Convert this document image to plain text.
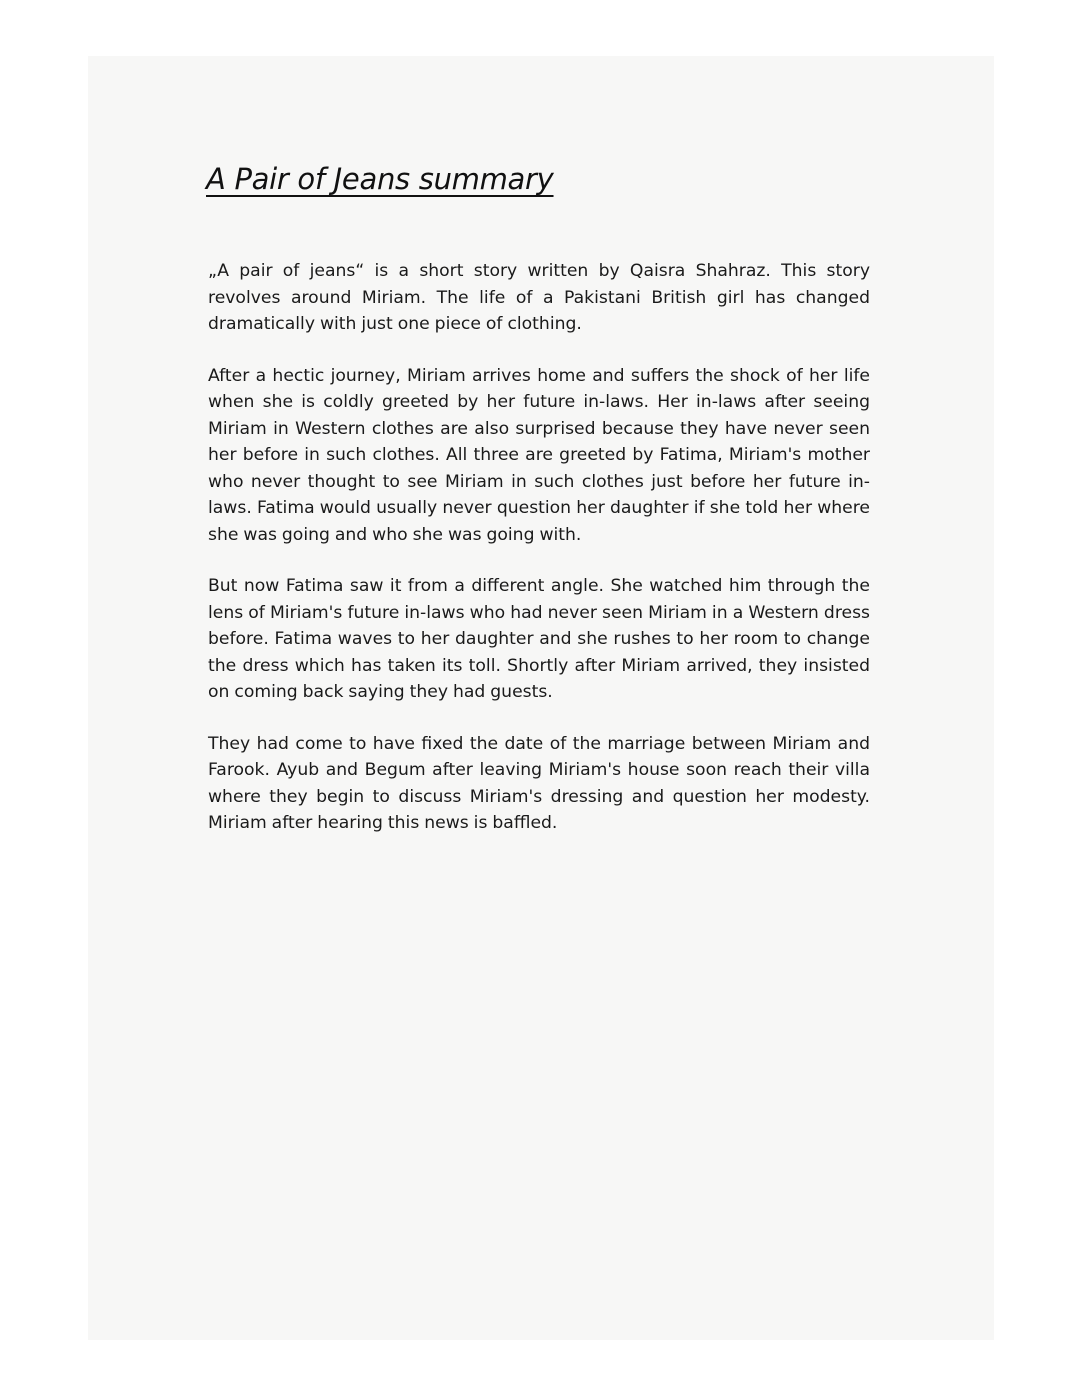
A Pair of Jeans summary

„A pair of jeans“ is a short story written by Qaisra Shahraz. This story revolves around Miriam. The life of a Pakistani British girl has changed dramatically with just one piece of clothing.

After a hectic journey, Miriam arrives home and suffers the shock of her life when she is coldly greeted by her future in-laws. Her in-laws after seeing Miriam in Western clothes are also surprised because they have never seen her before in such clothes. All three are greeted by Fatima, Miriam's mother who never thought to see Miriam in such clothes just before her future in-laws. Fatima would usually never question her daughter if she told her where she was going and who she was going with.

But now Fatima saw it from a different angle. She watched him through the lens of Miriam's future in-laws who had never seen Miriam in a Western dress before. Fatima waves to her daughter and she rushes to her room to change the dress which has taken its toll. Shortly after Miriam arrived, they insisted on coming back saying they had guests.

They had come to have fixed the date of the marriage between Miriam and Farook. Ayub and Begum after leaving Miriam's house soon reach their villa where they begin to discuss Miriam's dressing and question her modesty. Miriam after hearing this news is baffled.
